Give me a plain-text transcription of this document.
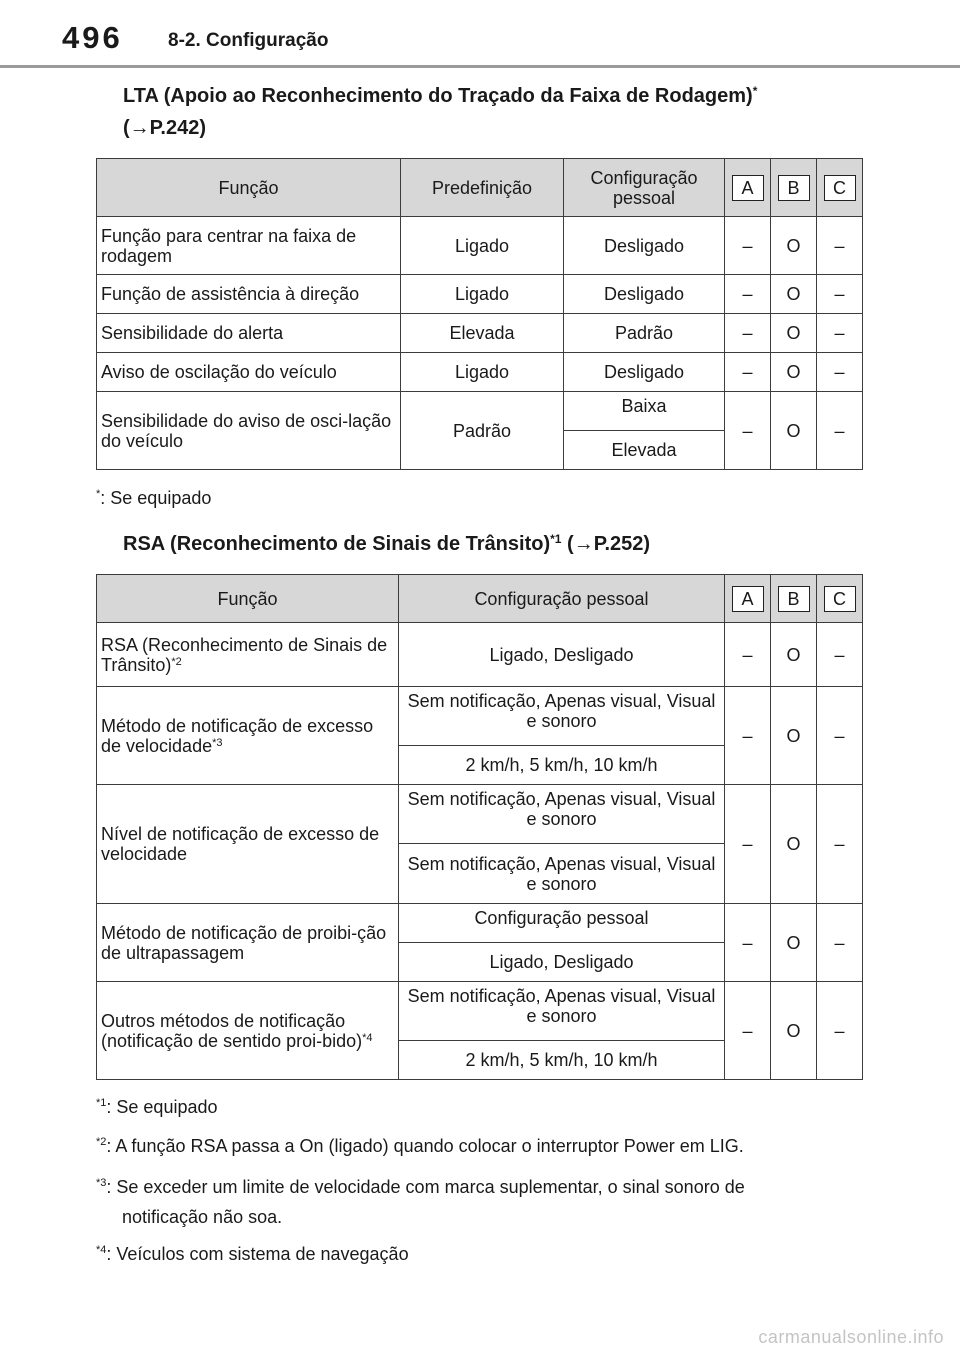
496 8-2. Configuração
LTA (Apoio ao Reconhecimento do Traçado da Faixa de Rodagem)*
(→P.242)
Função	Predefinição	Configuração pessoal	A	B	C
Função para centrar na faixa de rodagem	Ligado	Desligado	–	O	–
Função de assistência à direção	Ligado	Desligado	–	O	–
Sensibilidade do alerta	Elevada	Padrão	–	O	–
Aviso de oscilação do veículo	Ligado	Desligado	–	O	–
Sensibilidade do aviso de osci-lação do veículo	Padrão	Baixa	–	O	–
		Elevada			
*: Se equipado
RSA (Reconhecimento de Sinais de Trânsito)$^{*1}$ (→P.252)
Função	Configuração pessoal	A	B	C
RSA (Reconhecimento de Sinais de Trânsito)$^{*2}$	Ligado, Desligado	–	O	–
Método de notificação de excesso de velocidade$^{*3}$	Sem notificação, Apenas visual, Visual e sonoro	–	O	–
	2 km/h, 5 km/h, 10 km/h			
Nível de notificação de excesso de velocidade	Sem notificação, Apenas visual, Visual e sonoro	–	O	–
	Sem notificação, Apenas visual, Visual e sonoro			
Método de notificação de proibi-ção de ultrapassagem	Configuração pessoal	–	O	–
	Ligado, Desligado			
Outros métodos de notificação (notificação de sentido proi-bido)$^{*4}$	Sem notificação, Apenas visual, Visual e sonoro	–	O	–
	2 km/h, 5 km/h, 10 km/h			
$^{*1}$: Se equipado
$^{*2}$: A função RSA passa a On (ligado) quando colocar o interruptor Power em LIG.
$^{*3}$: Se exceder um limite de velocidade com marca suplementar, o sinal sonoro de
notificação não soa.
$^{*4}$: Veículos com sistema de navegação
carmanualsonline.info
